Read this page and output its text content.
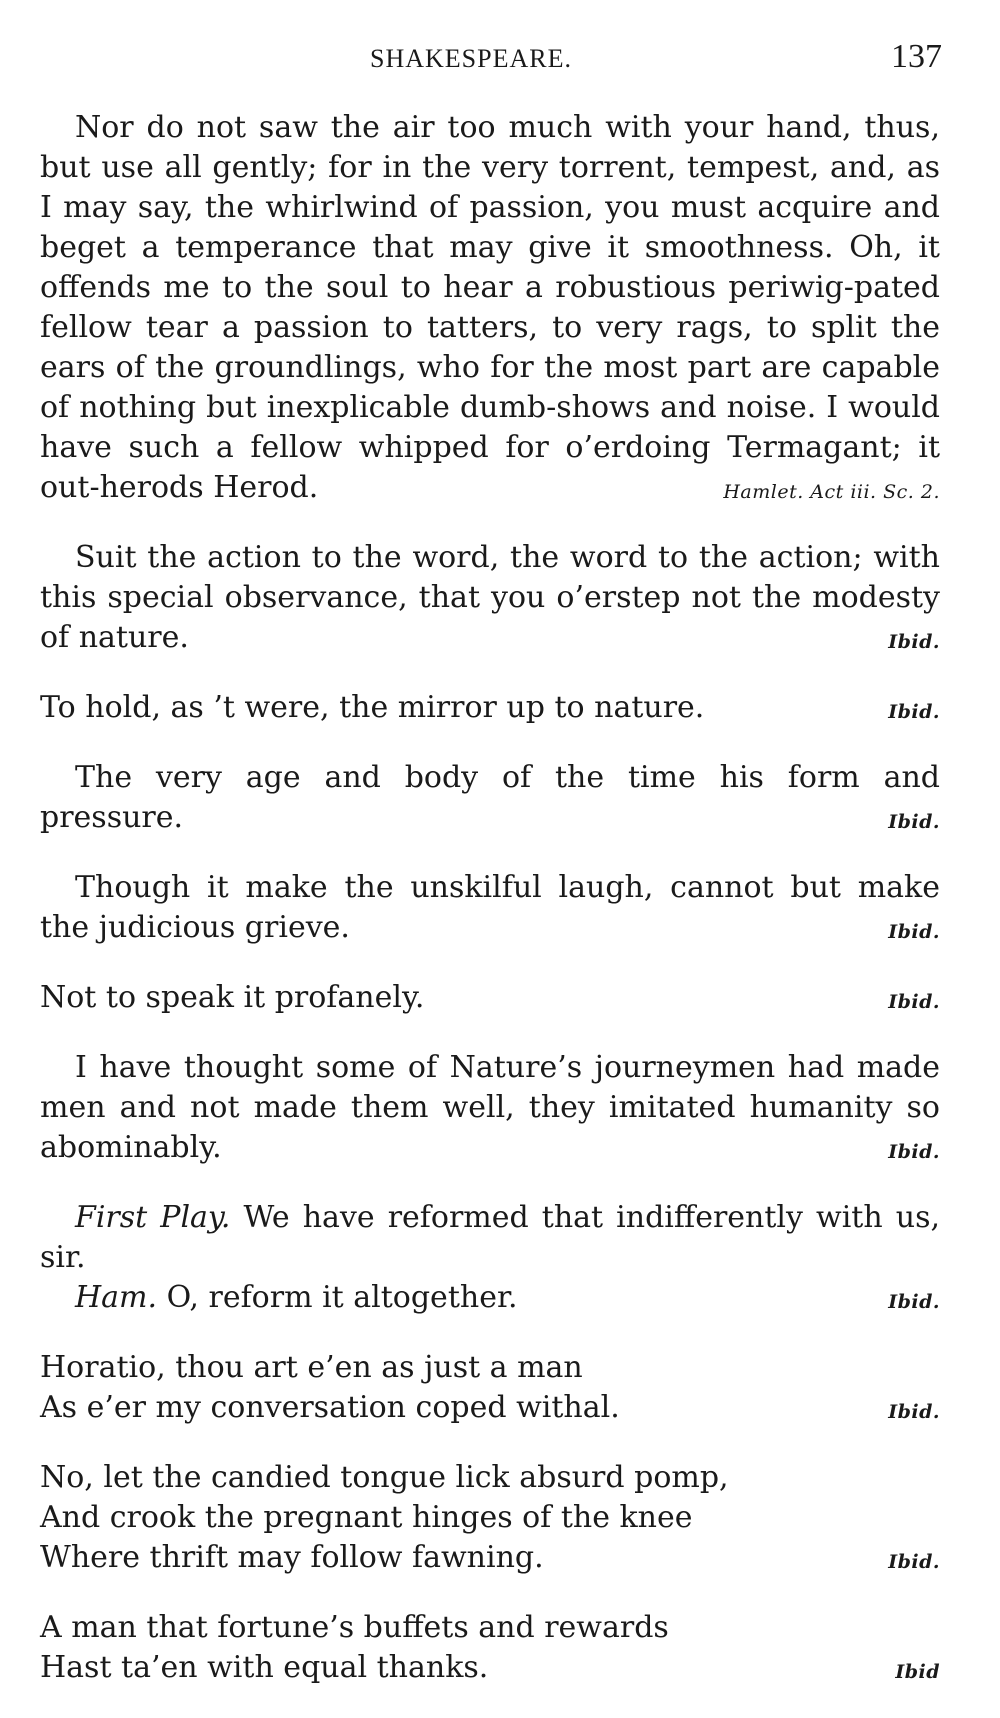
SHAKESPEARE.	137
Nor do not saw the air too much with your hand, thus, but use all gently; for in the very torrent, tempest, and, as I may say, the whirlwind of passion, you must acquire and beget a temperance that may give it smoothness. Oh, it offends me to the soul to hear a robustious periwig-pated fellow tear a passion to tatters, to very rags, to split the ears of the groundlings, who for the most part are capable of nothing but inexplicable dumb-shows and noise. I would have such a fellow whipped for o’erdoing Termagant; it out-herods Herod.	Hamlet. Act iii. Sc. 2.
Suit the action to the word, the word to the action; with this special observance, that you o’erstep not the modesty of nature.	Ibid.
To hold, as ’t were, the mirror up to nature.	Ibid.
The very age and body of the time his form and pressure.	Ibid.
Though it make the unskilful laugh, cannot but make the judicious grieve.	Ibid.
Not to speak it profanely.	Ibid.
I have thought some of Nature’s journeymen had made men and not made them well, they imitated humanity so abominably.	Ibid.
First Play. We have reformed that indifferently with us, sir.
Ham. O, reform it altogether.	Ibid.
Horatio, thou art e’en as just a man
As e’er my conversation coped withal.	Ibid.
No, let the candied tongue lick absurd pomp,
And crook the pregnant hinges of the knee
Where thrift may follow fawning.	Ibid.
A man that fortune’s buffets and rewards
Hast ta’en with equal thanks.	Ibid
